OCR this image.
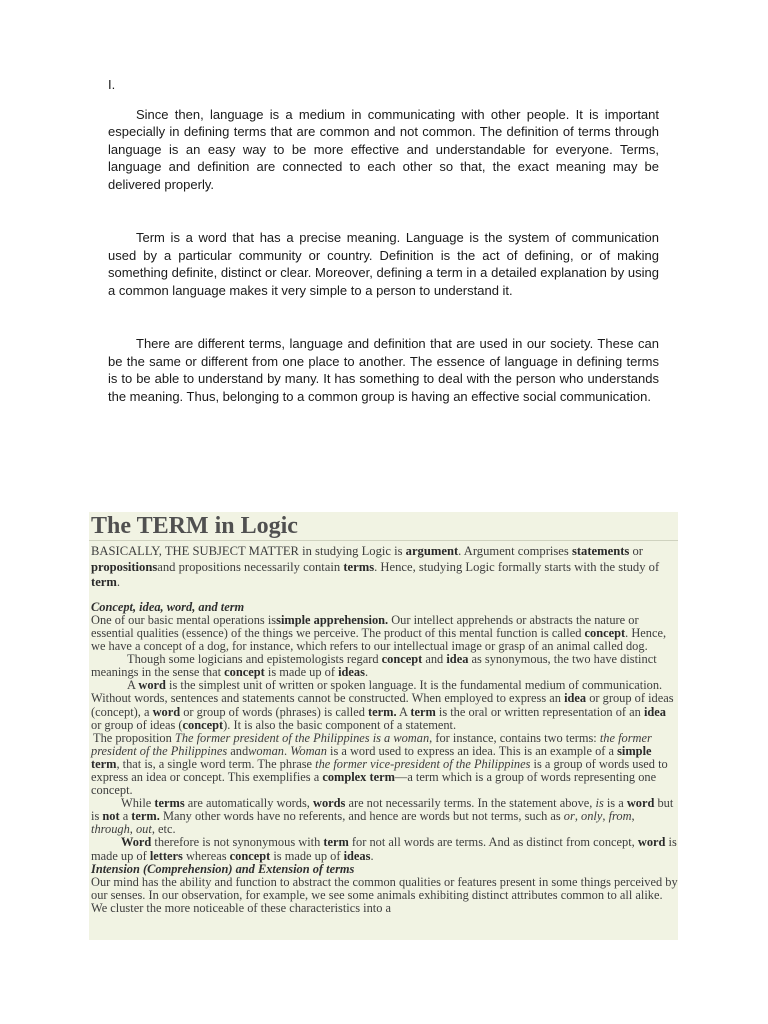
I.

Since then, language is a medium in communicating with other people. It is important especially in defining terms that are common and not common. The definition of terms through language is an easy way to be more effective and understandable for everyone. Terms, language and definition are connected to each other so that, the exact meaning may be delivered properly.

Term is a word that has a precise meaning. Language is the system of communication used by a particular community or country. Definition is the act of defining, or of making something definite, distinct or clear. Moreover, defining a term in a detailed explanation by using a common language makes it very simple to a person to understand it.

There are different terms, language and definition that are used in our society. These can be the same or different from one place to another. The essence of language in defining terms is to be able to understand by many. It has something to deal with the person who understands the meaning. Thus, belonging to a common group is having an effective social communication.

The TERM in Logic

BASICALLY, THE SUBJECT MATTER in studying Logic is argument. Argument comprises statements or propositionsand propositions necessarily contain terms. Hence, studying Logic formally starts with the study of term.

Concept, idea, word, and term

One of our basic mental operations issimple apprehension. Our intellect apprehends or abstracts the nature or essential qualities (essence) of the things we perceive. The product of this mental function is called concept. Hence, we have a concept of a dog, for instance, which refers to our intellectual image or grasp of an animal called dog.

Though some logicians and epistemologists regard concept and idea as synonymous, the two have distinct meanings in the sense that concept is made up of ideas.

A word is the simplest unit of written or spoken language. It is the fundamental medium of communication. Without words, sentences and statements cannot be constructed. When employed to express an idea or group of ideas (concept), a word or group of words (phrases) is called term. A term is the oral or written representation of an idea or group of ideas (concept). It is also the basic component of a statement.

The proposition The former president of the Philippines is a woman, for instance, contains two terms: the former president of the Philippines andwoman. Woman is a word used to express an idea. This is an example of a simple term, that is, a single word term. The phrase the former vice-president of the Philippines is a group of words used to express an idea or concept. This exemplifies a complex term—a term which is a group of words representing one concept.

While terms are automatically words, words are not necessarily terms. In the statement above, is is a word but is not a term. Many other words have no referents, and hence are words but not terms, such as or, only, from, through, out, etc.

Word therefore is not synonymous with term for not all words are terms. And as distinct from concept, word is made up of letters whereas concept is made up of ideas.

Intension (Comprehension) and Extension of terms

Our mind has the ability and function to abstract the common qualities or features present in some things perceived by our senses. In our observation, for example, we see some animals exhibiting distinct attributes common to all alike. We cluster the more noticeable of these characteristics into a
